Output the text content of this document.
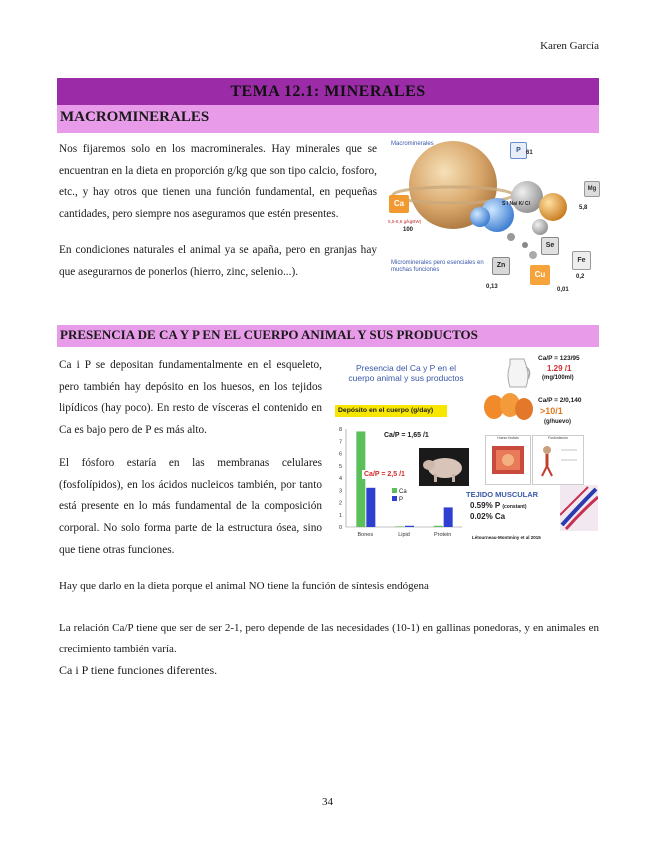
Karen García
TEMA 12.1: MINERALES
MACROMINERALES

Nos fijaremos solo en los macrominerales. Hay minerales que se encuentran en la dieta en proporción g/kg que son tipo calcio, fosforo, etc., y hay otros que tienen una función fundamental, en pequeñas cantidades, pero siempre nos aseguramos que estén presentes.

En condiciones naturales el animal ya se apaña, pero en granjas hay que asegurarnos de ponerlos (hierro, zinc, selenio...).

Macrominerales
Ca
5,5-6,6 g/kgBW)
100
P 61
Mg
5,8
S / Na/ K/ Cl
Microminerales pero esenciales en muchas funciones
Zn
0,13
Se
Cu
0,01
Fe
0,2
PRESENCIA DE CA Y P EN EL CUERPO ANIMAL Y SUS PRODUCTOS

Ca i P se depositan fundamentalmente en el esqueleto, pero también hay depósito en los huesos, en los tejidos lipídicos (hay poco). En resto de vísceras el contenido en Ca es bajo pero de P es más alto.

El fósforo estaría en las membranas celulares (fosfolípidos), en los ácidos nucleicos también, por tanto está presente en lo más fundamental de la composición corporal. No solo forma parte de la estructura ósea, sino que tiene otras funciones.

Presencia del Ca y P en el cuerpo animal y sus productos
Ca/P = 123/95
1.29 /1
(mg/100ml)
Ca/P = 2/0,140
>10/1
(g/huevo)
Depósito en el cuerpo (g/day)
0
1
2
3
4
5
6
7
8
Bones	Lipid	Protein
Ca/P = 1,65 /1
Ca/P = 2,5 /1
Ca
P
Hueso fosfato	Fosforilación
TEJIDO MUSCULAR
0.59% P (constant)
0.02% Ca
Létourneau-Montminy et al 2015

Hay que darlo en la dieta porque el animal NO tiene la función de síntesis endógena

La relación Ca/P tiene que ser de ser 2-1, pero depende de las necesidades (10-1) en gallinas ponedoras, y en animales en crecimiento también varía.

Ca i P tiene funciones diferentes.

34
